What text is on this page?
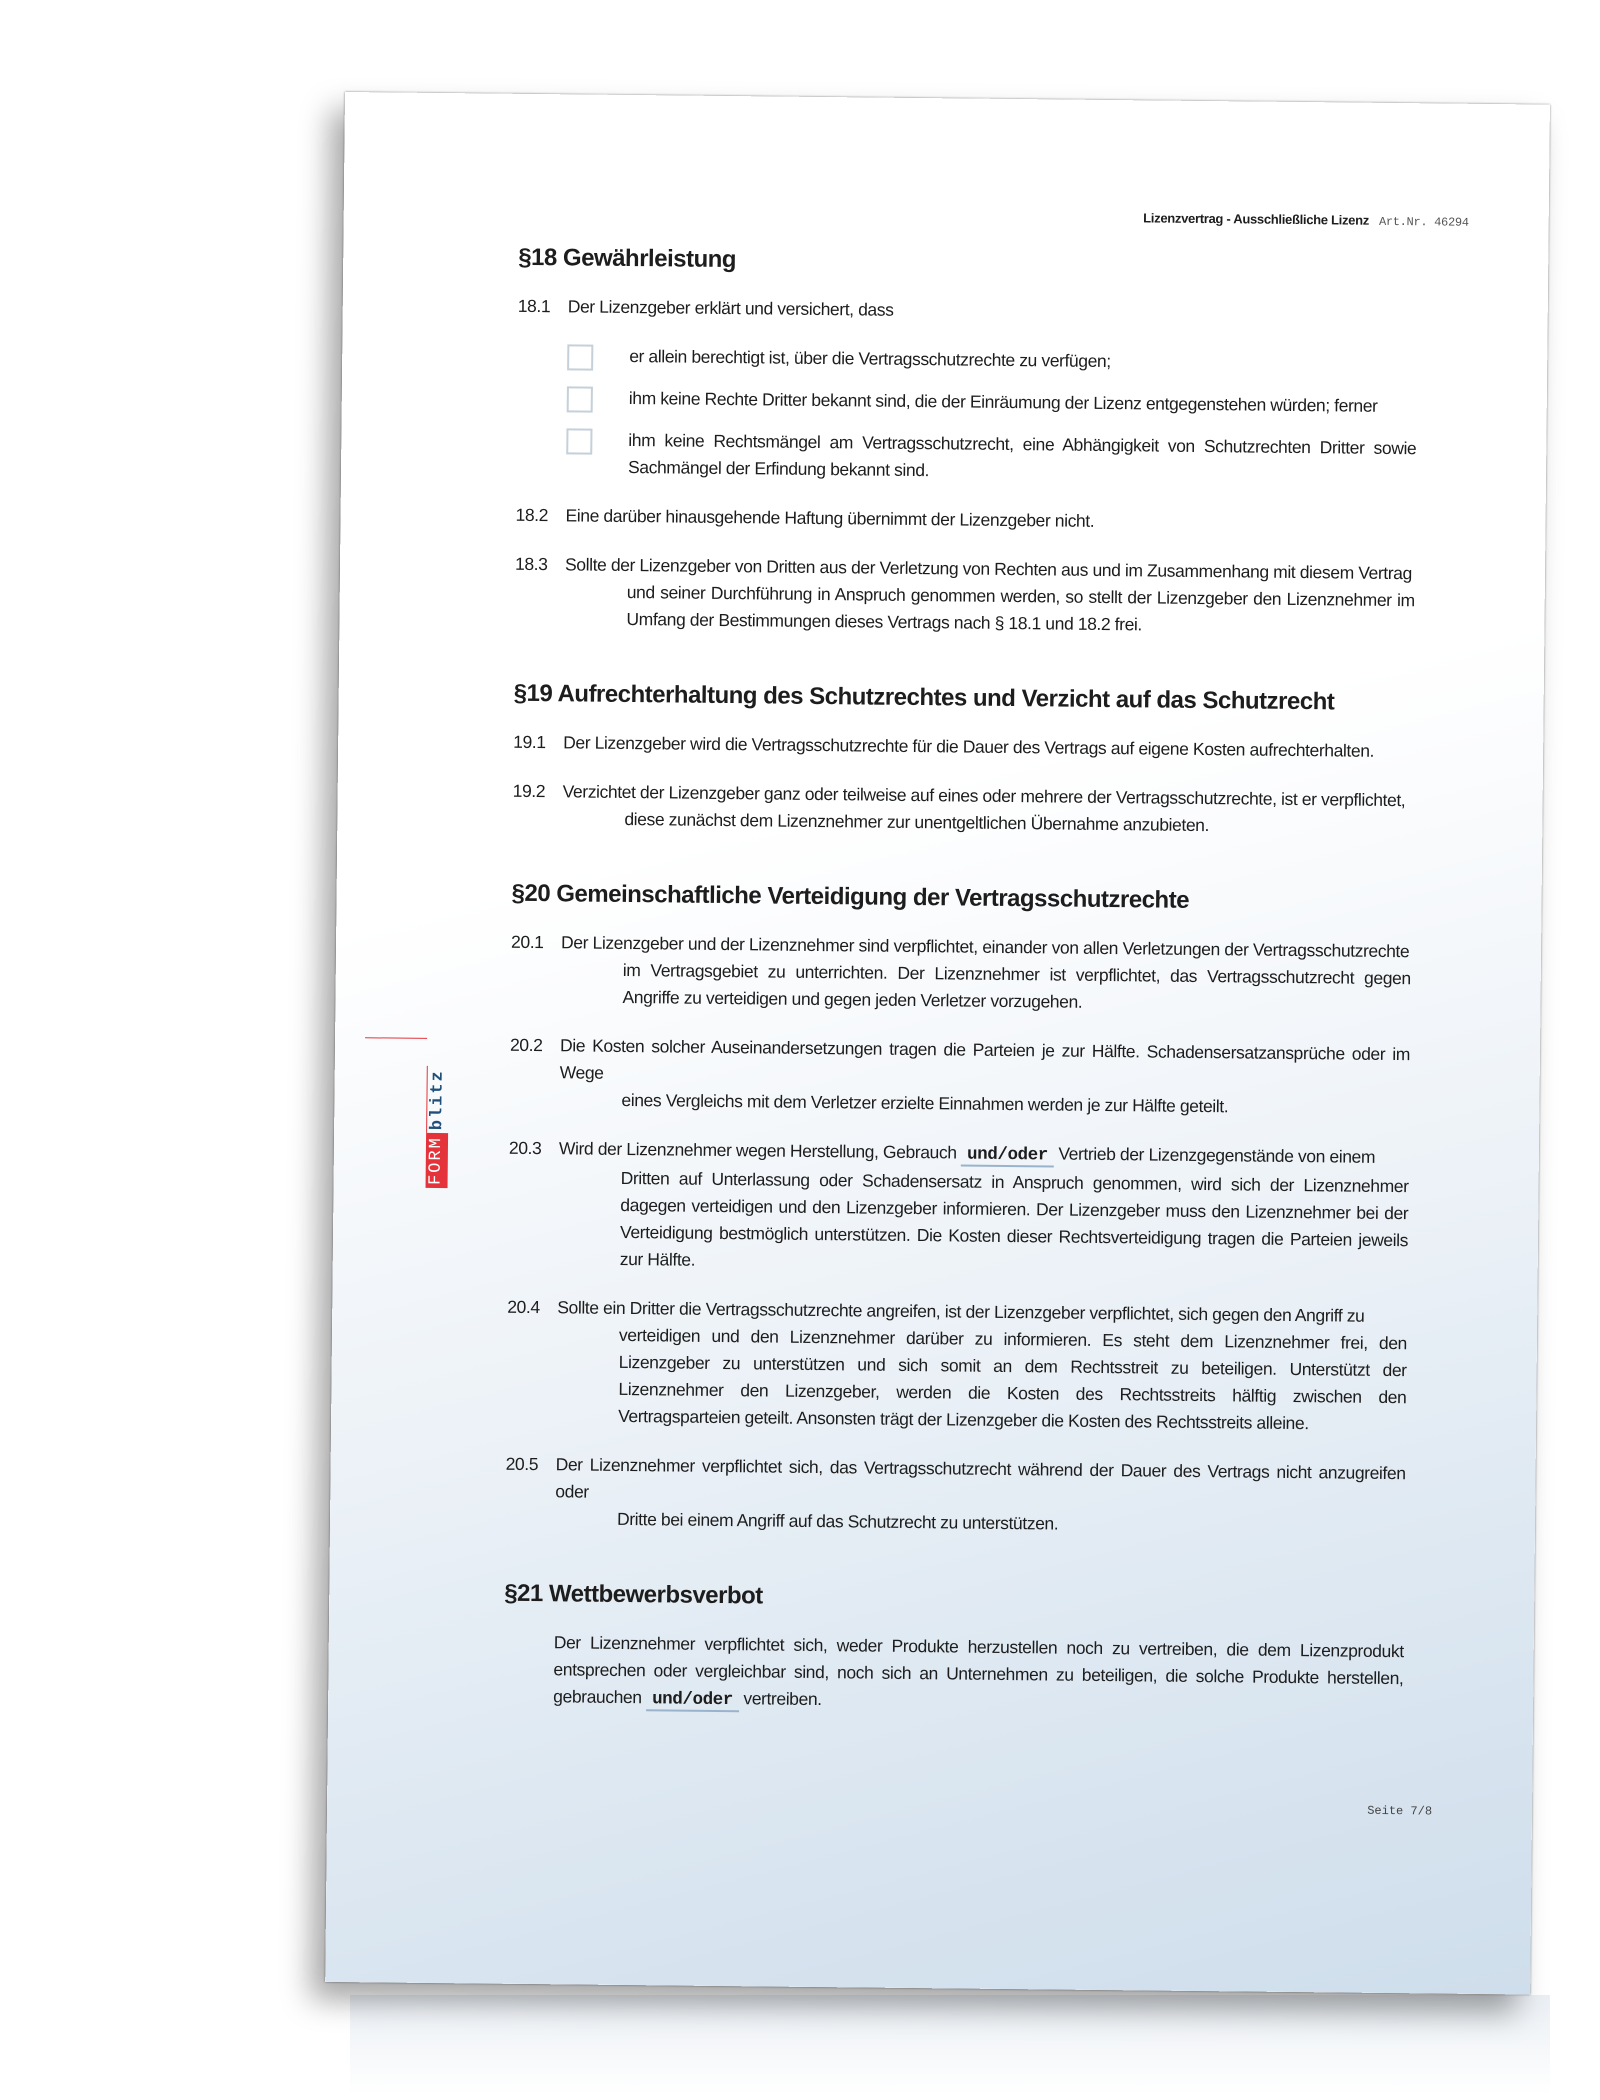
Lizenzvertrag - Ausschließliche Lizenz Art.Nr. 46294
FORM
blitz
§18 Gewährleistung
18.1 Der Lizenzgeber erklärt und versichert, dass
er allein berechtigt ist, über die Vertragsschutzrechte zu verfügen;
ihm keine Rechte Dritter bekannt sind, die der Einräumung der Lizenz entgegenstehen würden; ferner
ihm keine Rechtsmängel am Vertragsschutzrecht, eine Abhängigkeit von Schutzrechten Dritter sowie Sachmängel der Erfindung bekannt sind.
18.2 Eine darüber hinausgehende Haftung übernimmt der Lizenzgeber nicht.
18.3 Sollte der Lizenzgeber von Dritten aus der Verletzung von Rechten aus und im Zusammenhang mit diesem Vertrag
und seiner Durchführung in Anspruch genommen werden, so stellt der Lizenzgeber den Lizenznehmer im Umfang der Bestimmungen dieses Vertrags nach § 18.1 und 18.2 frei.
§19 Aufrechterhaltung des Schutzrechtes und Verzicht auf das Schutzrecht
19.1 Der Lizenzgeber wird die Vertragsschutzrechte für die Dauer des Vertrags auf eigene Kosten aufrechterhalten.
19.2 Verzichtet der Lizenzgeber ganz oder teilweise auf eines oder mehrere der Vertragsschutzrechte, ist er verpflichtet,
diese zunächst dem Lizenznehmer zur unentgeltlichen Übernahme anzubieten.
§20 Gemeinschaftliche Verteidigung der Vertragsschutzrechte
20.1 Der Lizenzgeber und der Lizenznehmer sind verpflichtet, einander von allen Verletzungen der Vertragsschutzrechte
im Vertragsgebiet zu unterrichten. Der Lizenznehmer ist verpflichtet, das Vertragsschutzrecht gegen Angriffe zu verteidigen und gegen jeden Verletzer vorzugehen.
20.2 Die Kosten solcher Auseinandersetzungen tragen die Parteien je zur Hälfte. Schadensersatzansprüche oder im Wege
eines Vergleichs mit dem Verletzer erzielte Einnahmen werden je zur Hälfte geteilt.
20.3 Wird der Lizenznehmer wegen Herstellung, Gebrauch und/oder Vertrieb der Lizenzgegenstände von einem
Dritten auf Unterlassung oder Schadensersatz in Anspruch genommen, wird sich der Lizenznehmer dagegen verteidigen und den Lizenzgeber informieren. Der Lizenzgeber muss den Lizenznehmer bei der Verteidigung bestmöglich unterstützen. Die Kosten dieser Rechtsverteidigung tragen die Parteien jeweils zur Hälfte.
20.4 Sollte ein Dritter die Vertragsschutzrechte angreifen, ist der Lizenzgeber verpflichtet, sich gegen den Angriff zu
verteidigen und den Lizenznehmer darüber zu informieren. Es steht dem Lizenznehmer frei, den Lizenzgeber zu unterstützen und sich somit an dem Rechtsstreit zu beteiligen. Unterstützt der Lizenznehmer den Lizenzgeber, werden die Kosten des Rechtsstreits hälftig zwischen den Vertragsparteien geteilt. Ansonsten trägt der Lizenzgeber die Kosten des Rechtsstreits alleine.
20.5 Der Lizenznehmer verpflichtet sich, das Vertragsschutzrecht während der Dauer des Vertrags nicht anzugreifen oder
Dritte bei einem Angriff auf das Schutzrecht zu unterstützen.
§21 Wettbewerbsverbot
Der Lizenznehmer verpflichtet sich, weder Produkte herzustellen noch zu vertreiben, die dem Lizenzprodukt entsprechen oder vergleichbar sind, noch sich an Unternehmen zu beteiligen, die solche Produkte herstellen, gebrauchen und/oder vertreiben.
Seite 7/8
